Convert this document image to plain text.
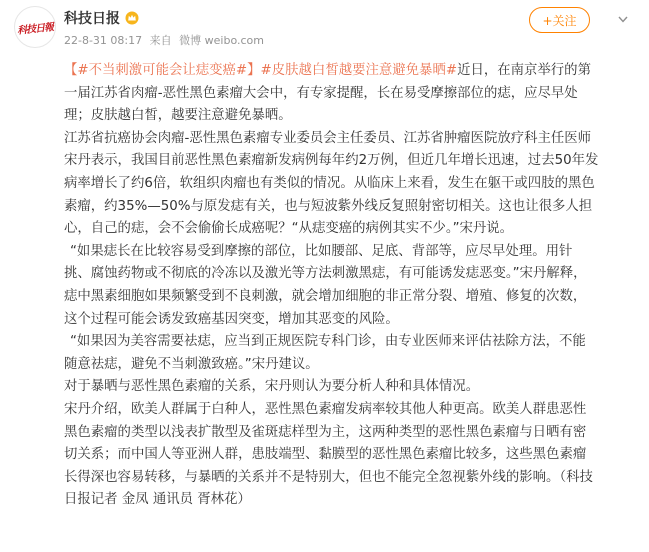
科技日報
科技日报
22-8-31 08:17 来自 微博 weibo.com
+关注

【#不当刺激可能会让痣变癌#】#皮肤越白皙越要注意避免暴晒#近日，在南京举行的第一届江苏省肉瘤-恶性黑色素瘤大会中，有专家提醒，长在易受摩擦部位的痣，应尽早处理；皮肤越白皙，越要注意避免暴晒。

江苏省抗癌协会肉瘤-恶性黑色素瘤专业委员会主任委员、江苏省肿瘤医院放疗科主任医师宋丹表示，我国目前恶性黑色素瘤新发病例每年约2万例，但近几年增长迅速，过去50年发病率增长了约6倍，软组织肉瘤也有类似的情况。从临床上来看，发生在躯干或四肢的黑色素瘤，约35%—50%与原发痣有关，也与短波紫外线反复照射密切相关。这也让很多人担心，自己的痣，会不会偷偷长成癌呢？“从痣变癌的病例其实不少。”宋丹说。

“如果痣长在比较容易受到摩擦的部位，比如腰部、足底、背部等，应尽早处理。用针挑、腐蚀药物或不彻底的冷冻以及激光等方法刺激黑痣，有可能诱发痣恶变。”宋丹解释，痣中黑素细胞如果频繁受到不良刺激，就会增加细胞的非正常分裂、增殖、修复的次数，这个过程可能会诱发致癌基因突变，增加其恶变的风险。

“如果因为美容需要祛痣，应当到正规医院专科门诊，由专业医师来评估祛除方法，不能随意祛痣，避免不当刺激致癌。”宋丹建议。

对于暴晒与恶性黑色素瘤的关系，宋丹则认为要分析人种和具体情况。

宋丹介绍，欧美人群属于白种人，恶性黑色素瘤发病率较其他人种更高。欧美人群患恶性黑色素瘤的类型以浅表扩散型及雀斑痣样型为主，这两种类型的恶性黑色素瘤与日晒有密切关系；而中国人等亚洲人群，患肢端型、黏膜型的恶性黑色素瘤比较多，这些黑色素瘤长得深也容易转移，与暴晒的关系并不是特别大，但也不能完全忽视紫外线的影响。（科技日报记者 金凤 通讯员 胥林花）
